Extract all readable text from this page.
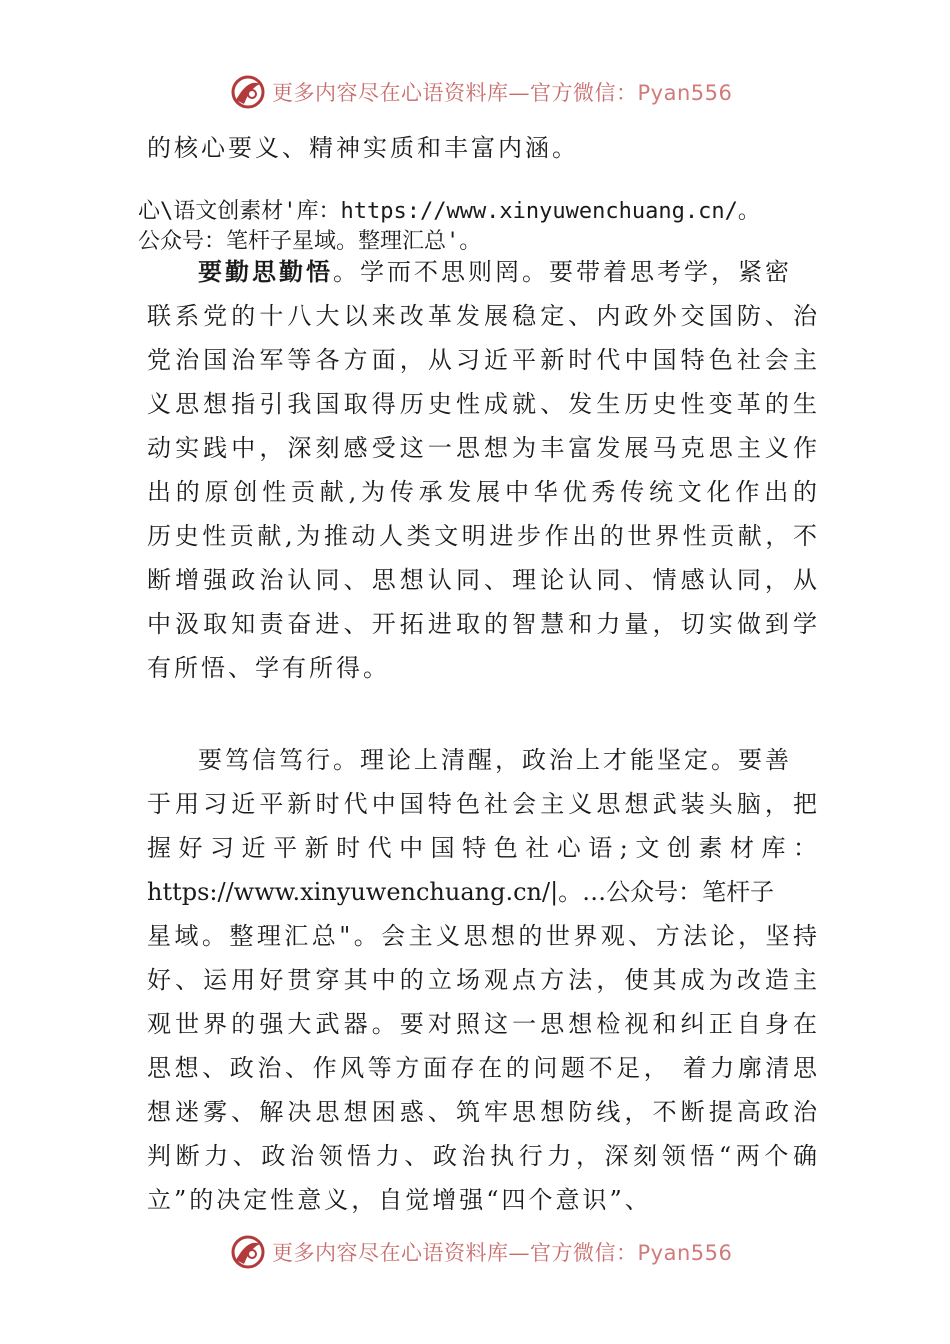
更多内容尽在心语资料库—官方微信：Pyan556
的核心要义、精神实质和丰富内涵。
心\语文创素材'库：https://www.xinyuwenchuang.cn/。
公众号：笔杆子星域。整理汇总'。
要勤思勤悟。学而不思则罔。要带着思考学，紧密
联系党的十八大以来改革发展稳定、内政外交国防、治
党治国治军等各方面，从习近平新时代中国特色社会主
义思想指引我国取得历史性成就、发生历史性变革的生
动实践中，深刻感受这一思想为丰富发展马克思主义作
出的原创性贡献,为传承发展中华优秀传统文化作出的
历史性贡献,为推动人类文明进步作出的世界性贡献，不
断增强政治认同、思想认同、理论认同、情感认同，从
中汲取知责奋进、开拓进取的智慧和力量，切实做到学
有所悟、学有所得。
要笃信笃行。理论上清醒，政治上才能坚定。要善
于用习近平新时代中国特色社会主义思想武装头脑，把
握好习近平新时代中国特色社心语;文创素材库：
https://www.xinyuwenchuang.cn/|。…公众号：笔杆子
星域。整理汇总"。会主义思想的世界观、方法论，坚持
好、运用好贯穿其中的立场观点方法，使其成为改造主
观世界的强大武器。要对照这一思想检视和纠正自身在
思想、政治、作风等方面存在的问题不足， 着力廓清思
想迷雾、解决思想困惑、筑牢思想防线，不断提高政治
判断力、政治领悟力、政治执行力，深刻领悟“两个确
立”的决定性意义，自觉增强“四个意识”、
更多内容尽在心语资料库—官方微信：Pyan556
